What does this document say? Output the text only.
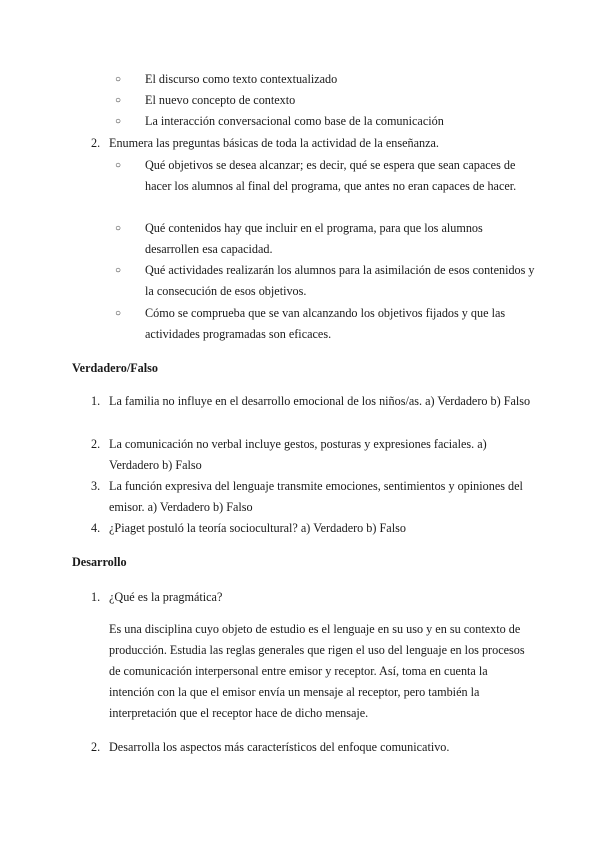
○	El discurso como texto contextualizado
○	El nuevo concepto de contexto
○	La interacción conversacional como base de la comunicación
2. Enumera las preguntas básicas de toda la actividad de la enseñanza.
○	Qué objetivos se desea alcanzar; es decir, qué se espera que sean capaces de hacer los alumnos al final del programa, que antes no eran capaces de hacer.
○	Qué contenidos hay que incluir en el programa, para que los alumnos desarrollen esa capacidad.
○	Qué actividades realizarán los alumnos para la asimilación de esos contenidos y la consecución de esos objetivos.
○	Cómo se comprueba que se van alcanzando los objetivos fijados y que las actividades programadas son eficaces.
Verdadero/Falso
1. La familia no influye en el desarrollo emocional de los niños/as. a) Verdadero b) Falso
2. La comunicación no verbal incluye gestos, posturas y expresiones faciales. a) Verdadero b) Falso
3. La función expresiva del lenguaje transmite emociones, sentimientos y opiniones del emisor. a) Verdadero b) Falso
4. ¿Piaget postuló la teoría sociocultural? a) Verdadero b) Falso
Desarrollo
1. ¿Qué es la pragmática?
Es una disciplina cuyo objeto de estudio es el lenguaje en su uso y en su contexto de producción. Estudia las reglas generales que rigen el uso del lenguaje en los procesos de comunicación interpersonal entre emisor y receptor. Así, toma en cuenta la intención con la que el emisor envía un mensaje al receptor, pero también la interpretación que el receptor hace de dicho mensaje.
2. Desarrolla los aspectos más característicos del enfoque comunicativo.
